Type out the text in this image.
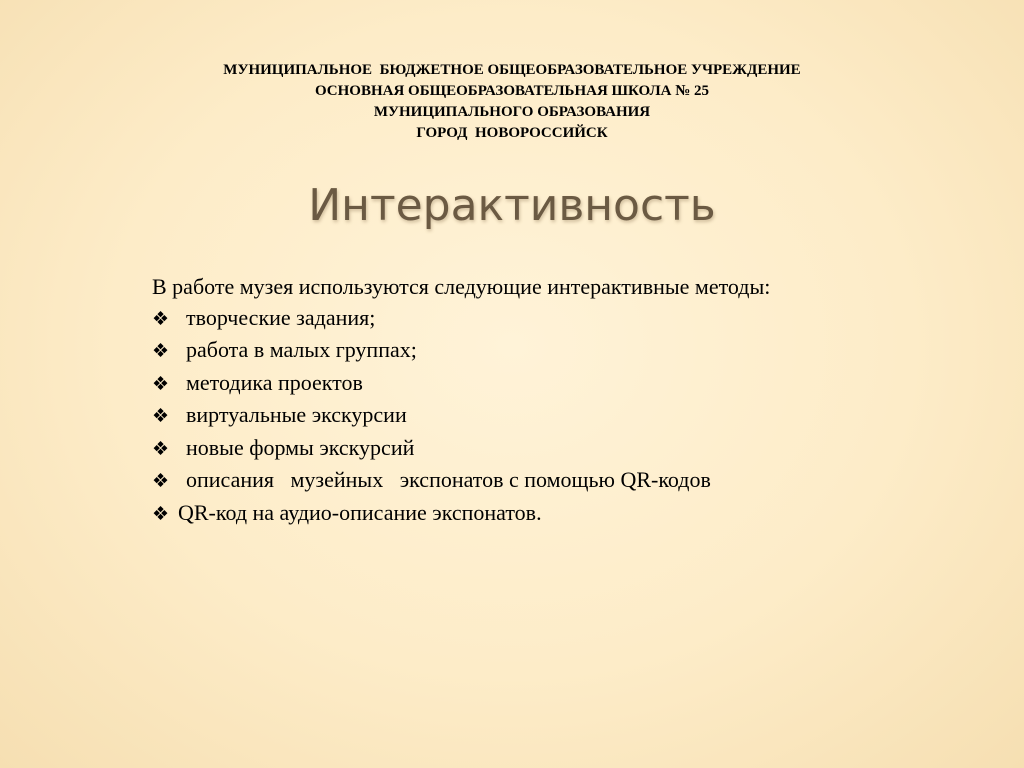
МУНИЦИПАЛЬНОЕ  БЮДЖЕТНОЕ ОБЩЕОБРАЗОВАТЕЛЬНОЕ УЧРЕЖДЕНИЕ
ОСНОВНАЯ ОБЩЕОБРАЗОВАТЕЛЬНАЯ ШКОЛА № 25
МУНИЦИПАЛЬНОГО ОБРАЗОВАНИЯ
ГОРОД  НОВОРОССИЙСК
Интерактивность
В работе музея используются следующие интерактивные методы:
❖ творческие задания;
❖ работа в малых группах;
❖ методика проектов
❖ виртуальные экскурсии
❖ новые формы экскурсий
❖ описания   музейных   экспонатов с помощью QR-кодов
❖ QR-код на аудио-описание экспонатов.
